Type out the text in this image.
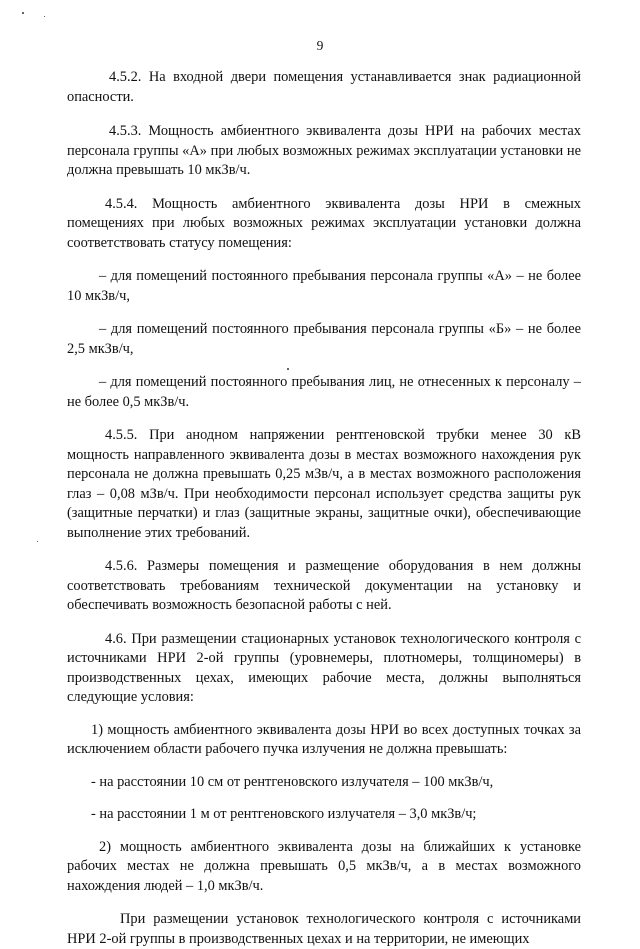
9

4.5.2. На входной двери помещения устанавливается знак радиационной опасности.

4.5.3. Мощность амбиентного эквивалента дозы НРИ на рабочих местах персонала группы «А» при любых возможных режимах эксплуатации установки не должна превышать 10 мкЗв/ч.

4.5.4. Мощность амбиентного эквивалента дозы НРИ в смежных помещениях при любых возможных режимах эксплуатации установки должна соответствовать статусу помещения:

– для помещений постоянного пребывания персонала группы «А» – не более 10 мкЗв/ч,

– для помещений постоянного пребывания персонала группы «Б» – не более 2,5 мкЗв/ч,

– для помещений постоянного пребывания лиц, не отнесенных к персоналу – не более 0,5 мкЗв/ч.

4.5.5. При анодном напряжении рентгеновской трубки менее 30 кВ мощность направленного эквивалента дозы в местах возможного нахождения рук персонала не должна превышать 0,25 мЗв/ч, а в местах возможного расположения глаз – 0,08 мЗв/ч. При необходимости персонал использует средства защиты рук (защитные перчатки) и глаз (защитные экраны, защитные очки), обеспечивающие выполнение этих требований.

4.5.6. Размеры помещения и размещение оборудования в нем должны соответствовать требованиям технической документации на установку и обеспечивать возможность безопасной работы с ней.

4.6. При размещении стационарных установок технологического контроля с источниками НРИ 2-ой группы (уровнемеры, плотномеры, толщиномеры) в производственных цехах, имеющих рабочие места, должны выполняться следующие условия:

1) мощность амбиентного эквивалента дозы НРИ во всех доступных точках за исключением области рабочего пучка излучения не должна превышать:

- на расстоянии 10 см от рентгеновского излучателя – 100 мкЗв/ч,

- на расстоянии 1 м от рентгеновского излучателя – 3,0 мкЗв/ч;

2) мощность амбиентного эквивалента дозы на ближайших к установке рабочих местах не должна превышать 0,5 мкЗв/ч, а в местах возможного нахождения людей – 1,0 мкЗв/ч.

При размещении установок технологического контроля с источниками НРИ 2-ой группы в производственных цехах и на территории, не имеющих
